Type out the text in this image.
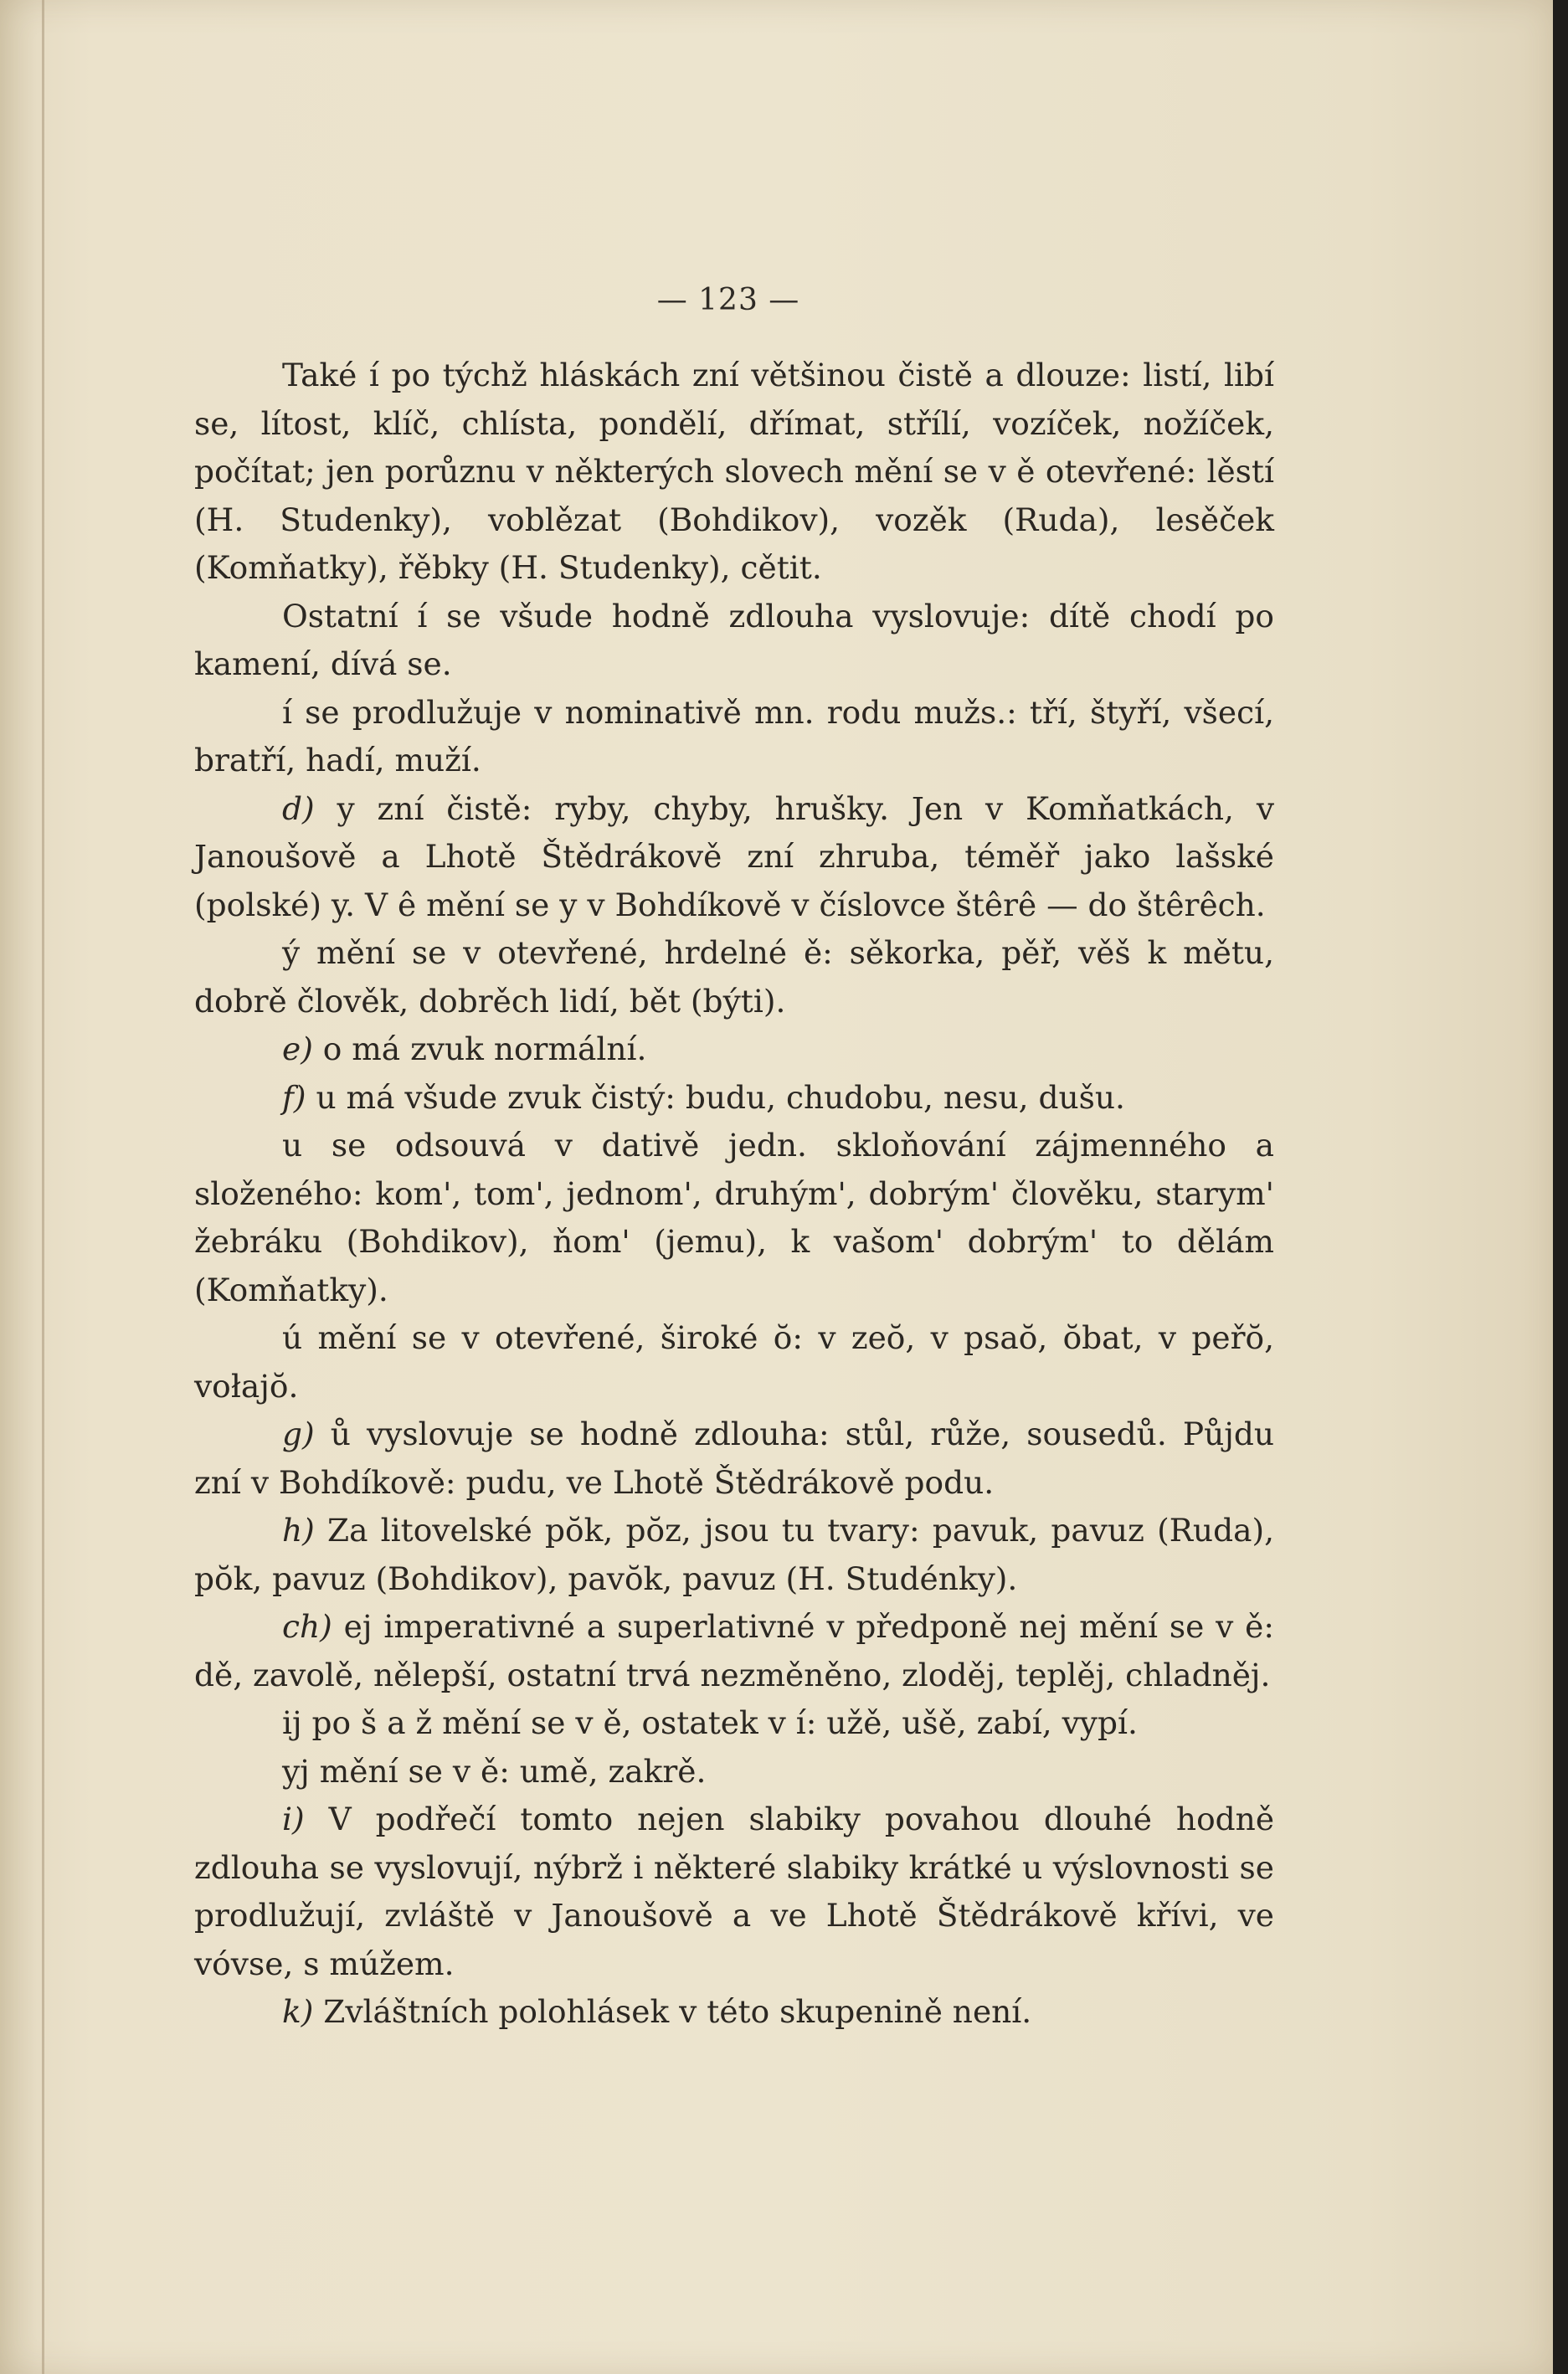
— 123 —

Také í po týchž hláskách zní většinou čistě a dlouze: listí, libí se, lítost, klíč, chlísta, pondělí, dřímat, střílí, vozíček, nožíček, počítat; jen porůznu v některých slovech mění se v ě otevřené: lěstí (H. Studenky), voblězat (Bohdikov), vozěk (Ruda), lesěček (Komňatky), řěbky (H. Studenky), cětit.

Ostatní í se všude hodně zdlouha vyslovuje: dítě chodí po kamení, dívá se.

í se prodlužuje v nominativě mn. rodu mužs.: tří, štyří, všecí, bratří, hadí, muží.

d) y zní čistě: ryby, chyby, hrušky. Jen v Komňatkách, v Janoušově a Lhotě Štědrákově zní zhruba, téměř jako lašské (polské) y. V ê mění se y v Bohdíkově v číslovce štêrê — do štêrêch.

ý mění se v otevřené, hrdelné ě: sěkorka, pěř, věš k mětu, dobrě člověk, dobrěch lidí, bět (býti).

e) o má zvuk normální.

f) u má všude zvuk čistý: budu, chudobu, nesu, dušu.

u se odsouvá v dativě jedn. skloňování zájmenného a složeného: kom', tom', jednom', druhým', dobrým' člověku, starym' žebráku (Bohdikov), ňom' (jemu), k vašom' dobrým' to dělám (Komňatky).

ú mění se v otevřené, široké ŏ: v zeŏ, v psaŏ, ŏbat, v peřŏ, vołajŏ.

g) ů vyslovuje se hodně zdlouha: stůl, růže, sousedů. Půjdu zní v Bohdíkově: pudu, ve Lhotě Štědrákově podu.

h) Za litovelské pŏk, pŏz, jsou tu tvary: pavuk, pavuz (Ruda), pŏk, pavuz (Bohdikov), pavŏk, pavuz (H. Studénky).

ch) ej imperativné a superlativné v předponě nej mění se v ě: dě, zavolě, nělepší, ostatní trvá nezměněno, zloděj, teplěj, chladněj.

ij po š a ž mění se v ě, ostatek v í: užě, ušě, zabí, vypí.

yj mění se v ě: umě, zakrě.

i) V podřečí tomto nejen slabiky povahou dlouhé hodně zdlouha se vyslovují, nýbrž i některé slabiky krátké u výslovnosti se prodlužují, zvláště v Janoušově a ve Lhotě Štědrákově křívi, ve vóvse, s múžem.

k) Zvláštních polohlásek v této skupenině není.
